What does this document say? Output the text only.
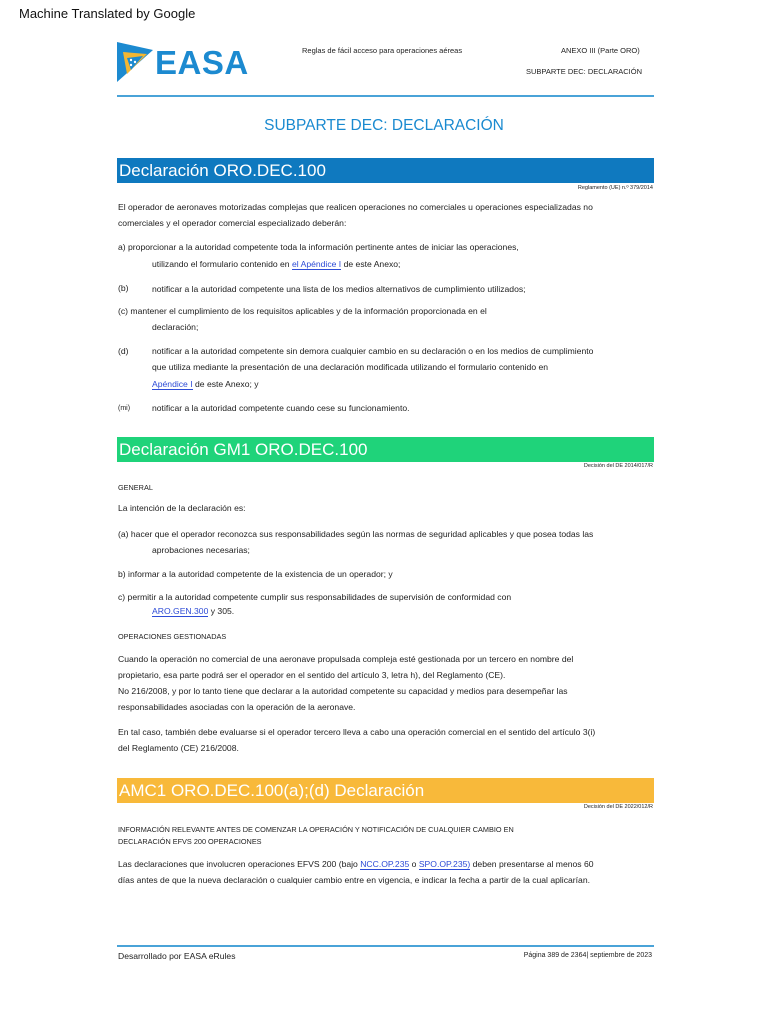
Machine Translated by Google
EASA	Reglas de fácil acceso para operaciones aéreas	ANEXO III (Parte ORO)
SUBPARTE DEC: DECLARACIÓN
SUBPARTE DEC: DECLARACIÓN
Declaración ORO.DEC.100
Reglamento (UE) n.º 379/2014
El operador de aeronaves motorizadas complejas que realicen operaciones no comerciales u operaciones especializadas no
comerciales y el operador comercial especializado deberán:
a) proporcionar a la autoridad competente toda la información pertinente antes de iniciar las operaciones,
utilizando el formulario contenido en el Apéndice I de este Anexo;
(b)	notificar a la autoridad competente una lista de los medios alternativos de cumplimiento utilizados;
(c) mantener el cumplimiento de los requisitos aplicables y de la información proporcionada en el
declaración;
(d)	notificar a la autoridad competente sin demora cualquier cambio en su declaración o en los medios de cumplimiento
que utiliza mediante la presentación de una declaración modificada utilizando el formulario contenido en
Apéndice I de este Anexo; y
(mi)	notificar a la autoridad competente cuando cese su funcionamiento.
Declaración GM1 ORO.DEC.100
Decisión del DE 2014/017/R
GENERAL
La intención de la declaración es:
(a) hacer que el operador reconozca sus responsabilidades según las normas de seguridad aplicables y que posea todas las
aprobaciones necesarias;
b) informar a la autoridad competente de la existencia de un operador; y
c) permitir a la autoridad competente cumplir sus responsabilidades de supervisión de conformidad con
ARO.GEN.300 y 305.
OPERACIONES GESTIONADAS
Cuando la operación no comercial de una aeronave propulsada compleja esté gestionada por un tercero en nombre del
propietario, esa parte podrá ser el operador en el sentido del artículo 3, letra h), del Reglamento (CE).
No 216/2008, y por lo tanto tiene que declarar a la autoridad competente su capacidad y medios para desempeñar las
responsabilidades asociadas con la operación de la aeronave.
En tal caso, también debe evaluarse si el operador tercero lleva a cabo una operación comercial en el sentido del artículo 3(i)
del Reglamento (CE) 216/2008.
AMC1 ORO.DEC.100(a);(d) Declaración
Decisión del DE 2022/012/R
INFORMACIÓN RELEVANTE ANTES DE COMENZAR LA OPERACIÓN Y NOTIFICACIÓN DE CUALQUIER CAMBIO EN
DECLARACIÓN EFVS 200 OPERACIONES
Las declaraciones que involucren operaciones EFVS 200 (bajo NCC.OP.235 o SPO.OP.235) deben presentarse al menos 60
días antes de que la nueva declaración o cualquier cambio entre en vigencia, e indicar la fecha a partir de la cual aplicarían.
Desarrollado por EASA eRules	Página 389 de 2364| septiembre de 2023
